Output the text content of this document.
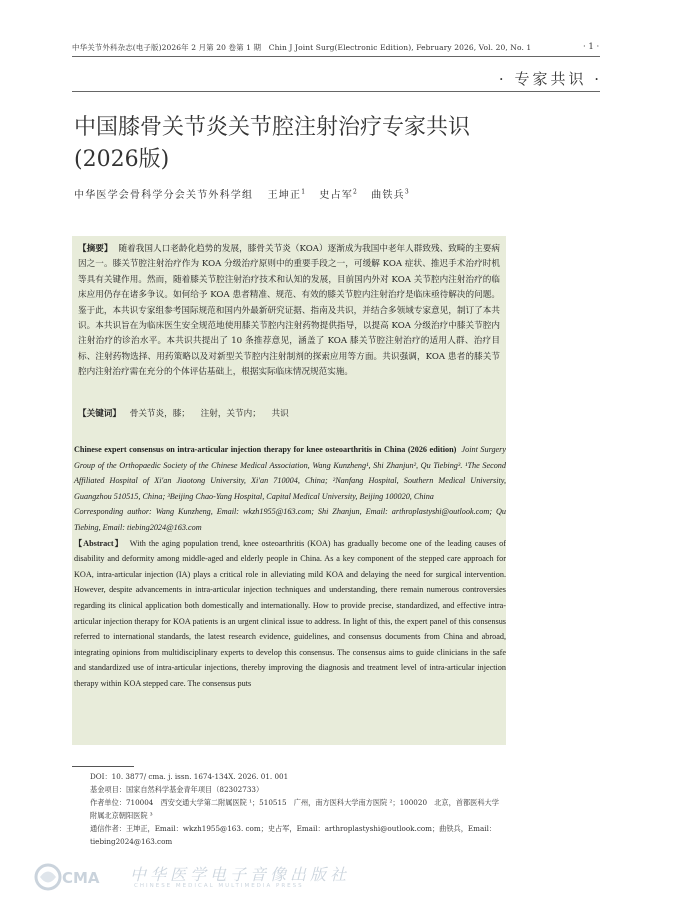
中华关节外科杂志(电子版)2026年 2 月第 20 卷第 1 期　Chin J Joint Surg(Electronic Edition), February 2026, Vol. 20, No. 1	· 1 ·
· 专家共识 ·
中国膝骨关节炎关节腔注射治疗专家共识(2026版)
中华医学会骨科学分会关节外科学组 王坤正$^1$ 史占军$^2$ 曲铁兵$^3$
【摘要】 随着我国人口老龄化趋势的发展，膝骨关节炎（KOA）逐渐成为我国中老年人群致残、致畸的主要病因之一。膝关节腔注射治疗作为 KOA 分级治疗原则中的重要手段之一，可缓解 KOA 症状、推迟手术治疗时机等具有关键作用。然而，随着膝关节腔注射治疗技术和认知的发展，目前国内外对 KOA 关节腔内注射治疗的临床应用仍存在诸多争议。如何给予 KOA 患者精准、规范、有效的膝关节腔内注射治疗是临床亟待解决的问题。鉴于此，本共识专家组参考国际规范和国内外最新研究证据、指南及共识，并结合多领域专家意见，制订了本共识。本共识旨在为临床医生安全规范地使用膝关节腔内注射药物提供指导，以提高 KOA 分级治疗中膝关节腔内注射治疗的诊治水平。本共识共提出了 10 条推荐意见，涵盖了 KOA 膝关节腔注射治疗的适用人群、治疗目标、注射药物选择、用药策略以及对新型关节腔内注射制剂的探索应用等方面。共识强调，KOA 患者的膝关节腔内注射治疗需在充分的个体评估基础上，根据实际临床情况规范实施。
【关键词】 骨关节炎，膝； 注射，关节内； 共识
Chinese expert consensus on intra-articular injection therapy for knee osteoarthritis in China (2026 edition) Joint Surgery Group of the Orthopaedic Society of the Chinese Medical Association, Wang Kunzheng¹, Shi Zhanjun², Qu Tiebing³. ¹The Second Affiliated Hospital of Xi'an Jiaotong University, Xi'an 710004, China; ²Nanfang Hospital, Southern Medical University, Guangzhou 510515, China; ³Beijing Chao-Yang Hospital, Capital Medical University, Beijing 100020, China
Corresponding author: Wang Kunzheng, Email: wkzh1955@163.com; Shi Zhanjun, Email: arthroplastyshi@outlook.com; Qu Tiebing, Email: tiebing2024@163.com
【Abstract】 With the aging population trend, knee osteoarthritis (KOA) has gradually become one of the leading causes of disability and deformity among middle-aged and elderly people in China. As a key component of the stepped care approach for KOA, intra-articular injection (IA) plays a critical role in alleviating mild KOA and delaying the need for surgical intervention. However, despite advancements in intra-articular injection techniques and understanding, there remain numerous controversies regarding its clinical application both domestically and internationally. How to provide precise, standardized, and effective intra-articular injection therapy for KOA patients is an urgent clinical issue to address. In light of this, the expert panel of this consensus referred to international standards, the latest research evidence, guidelines, and consensus documents from China and abroad, integrating opinions from multidisciplinary experts to develop this consensus. The consensus aims to guide clinicians in the safe and standardized use of intra-articular injections, thereby improving the diagnosis and treatment level of intra-articular injection therapy within KOA stepped care. The consensus puts
DOI：10. 3877/ cma. j. issn. 1674-134X. 2026. 01. 001
基金项目：国家自然科学基金青年项目（82302733）
作者单位：710004　西安交通大学第二附属医院 ¹；510515　广州，南方医科大学南方医院 ²；100020　北京，首都医科大学附属北京朝阳医院 ³
通信作者：王坤正，Email：wkzh1955@163. com；史占军，Email：arthroplastyshi@outlook.com；曲铁兵，Email：tiebing2024@163.com
CMA 中华医学电子音像出版社
CHINESE MEDICAL MULTIMEDIA PRESS
